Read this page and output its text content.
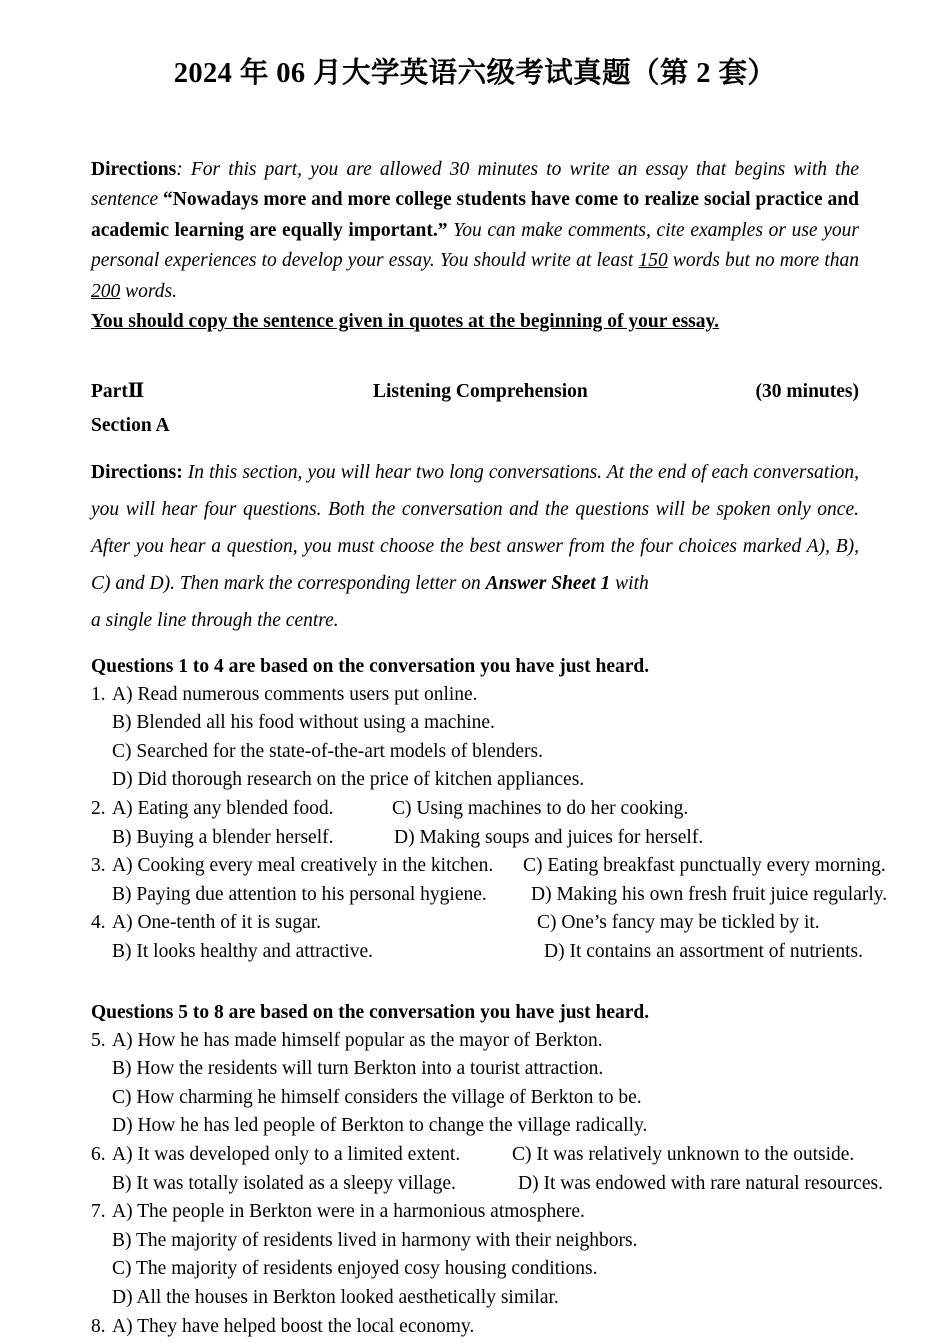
2024 年 06 月大学英语六级考试真题（第 2 套）

Directions: For this part, you are allowed 30 minutes to write an essay that begins with the sentence “Nowadays more and more college students have come to realize social practice and academic learning are equally important.” You can make comments, cite examples or use your personal experiences to develop your essay. You should write at least 150 words but no more than 200 words.

You should copy the sentence given in quotes at the beginning of your essay.

PartⅡ	Listening Comprehension	(30 minutes)
Section A
Directions: In this section, you will hear two long conversations. At the end of each conversation, you will hear four questions. Both the conversation and the questions will be spoken only once. After you hear a question, you must choose the best answer from the four choices marked A), B), C) and D). Then mark the corresponding letter on Answer Sheet 1 with
a single line through the centre.
Questions 1 to 4 are based on the conversation you have just heard.
1. A) Read numerous comments users put online.
B) Blended all his food without using a machine.
C) Searched for the state-of-the-art models of blenders.
D) Did thorough research on the price of kitchen appliances.
2. A) Eating any blended food.	C) Using machines to do her cooking.
B) Buying a blender herself.	D) Making soups and juices for herself.
3. A) Cooking every meal creatively in the kitchen. C) Eating breakfast punctually every morning.
B) Paying due attention to his personal hygiene. D) Making his own fresh fruit juice regularly.
4. A) One-tenth of it is sugar.	C) One’s fancy may be tickled by it.
B) It looks healthy and attractive.	D) It contains an assortment of nutrients.
Questions 5 to 8 are based on the conversation you have just heard.
5. A) How he has made himself popular as the mayor of Berkton.
B) How the residents will turn Berkton into a tourist attraction.
C) How charming he himself considers the village of Berkton to be.
D) How he has led people of Berkton to change the village radically.
6. A) It was developed only to a limited extent.	C) It was relatively unknown to the outside.
B) It was totally isolated as a sleepy village.	D) It was endowed with rare natural resources.
7. A) The people in Berkton were in a harmonious atmosphere.
B) The majority of residents lived in harmony with their neighbors.
C) The majority of residents enjoyed cosy housing conditions.
D) All the houses in Berkton looked aesthetically similar.
8. A) They have helped boost the local economy.
